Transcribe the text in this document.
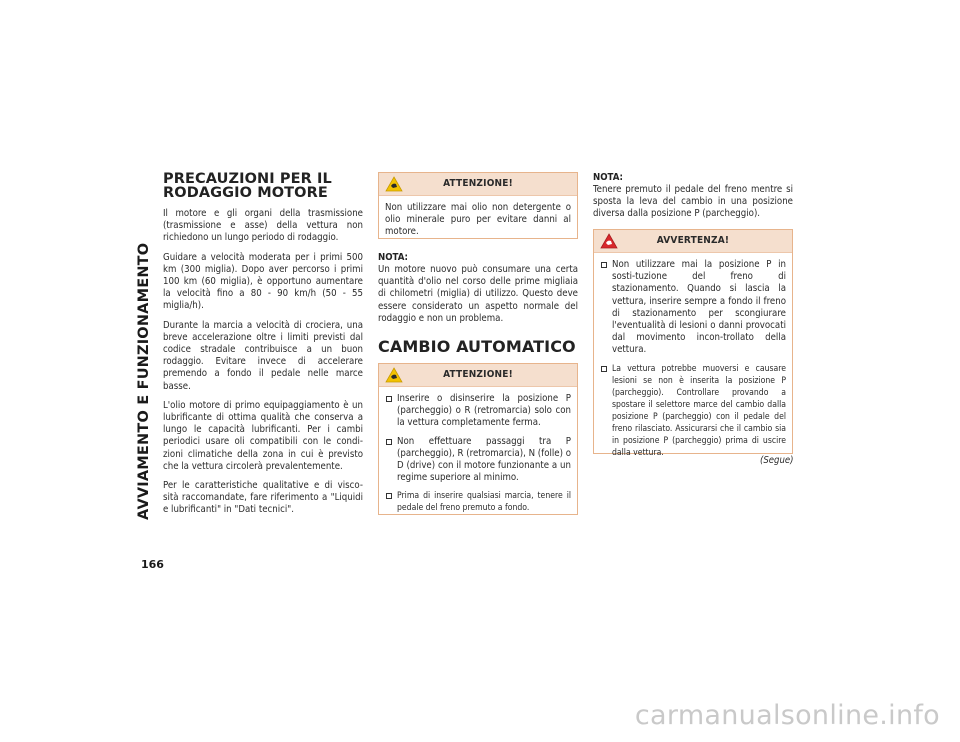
AVVIAMENTO E FUNZIONAMENTO
166
PRECAUZIONI PER IL RODAGGIO MOTORE

Il motore e gli organi della trasmissione (trasmissione e asse) della vettura non richiedono un lungo periodo di rodaggio.

Guidare a velocità moderata per i primi 500 km (300 miglia). Dopo aver percorso i primi 100 km (60 miglia), è opportuno aumentare la velocità fino a 80 - 90 km/h (50 - 55 miglia/h).

Durante la marcia a velocità di crociera, una breve accelerazione oltre i limiti previsti dal codice stradale contribuisce a un buon rodaggio. Evitare invece di accelerare premendo a fondo il pedale nelle marce basse.

L'olio motore di primo equipaggiamento è un lubrificante di ottima qualità che conserva a lungo le capacità lubrificanti. Per i cambi periodici usare oli compatibili con le condi-zioni climatiche della zona in cui è previsto che la vettura circolerà prevalentemente.

Per le caratteristiche qualitative e di visco-sità raccomandate, fare riferimento a "Liquidi e lubrificanti" in "Dati tecnici".

ATTENZIONE!

Non utilizzare mai olio non detergente o olio minerale puro per evitare danni al motore.

NOTA:

Un motore nuovo può consumare una certa quantità d'olio nel corso delle prime migliaia di chilometri (miglia) di utilizzo. Questo deve essere considerato un aspetto normale del rodaggio e non un problema.

CAMBIO AUTOMATICO
ATTENZIONE!
Inserire o disinserire la posizione P (parcheggio) o R (retromarcia) solo con la vettura completamente ferma.
Non effettuare passaggi tra P (parcheggio), R (retromarcia), N (folle) o D (drive) con il motore funzionante a un regime superiore al minimo.
Prima di inserire qualsiasi marcia, tenere il pedale del freno premuto a fondo.
NOTA:

Tenere premuto il pedale del freno mentre si sposta la leva del cambio in una posizione diversa dalla posizione P (parcheggio).

AVVERTENZA!
Non utilizzare mai la posizione P in sosti-tuzione del freno di stazionamento. Quando si lascia la vettura, inserire sempre a fondo il freno di stazionamento per scongiurare l'eventualità di lesioni o danni provocati dal movimento incon-trollato della vettura.
La vettura potrebbe muoversi e causare lesioni se non è inserita la posizione P (parcheggio). Controllare provando a spostare il selettore marce del cambio dalla posizione P (parcheggio) con il pedale del freno rilasciato. Assicurarsi che il cambio sia in posizione P (parcheggio) prima di uscire dalla vettura.
(Segue)
carmanualsonline.info
